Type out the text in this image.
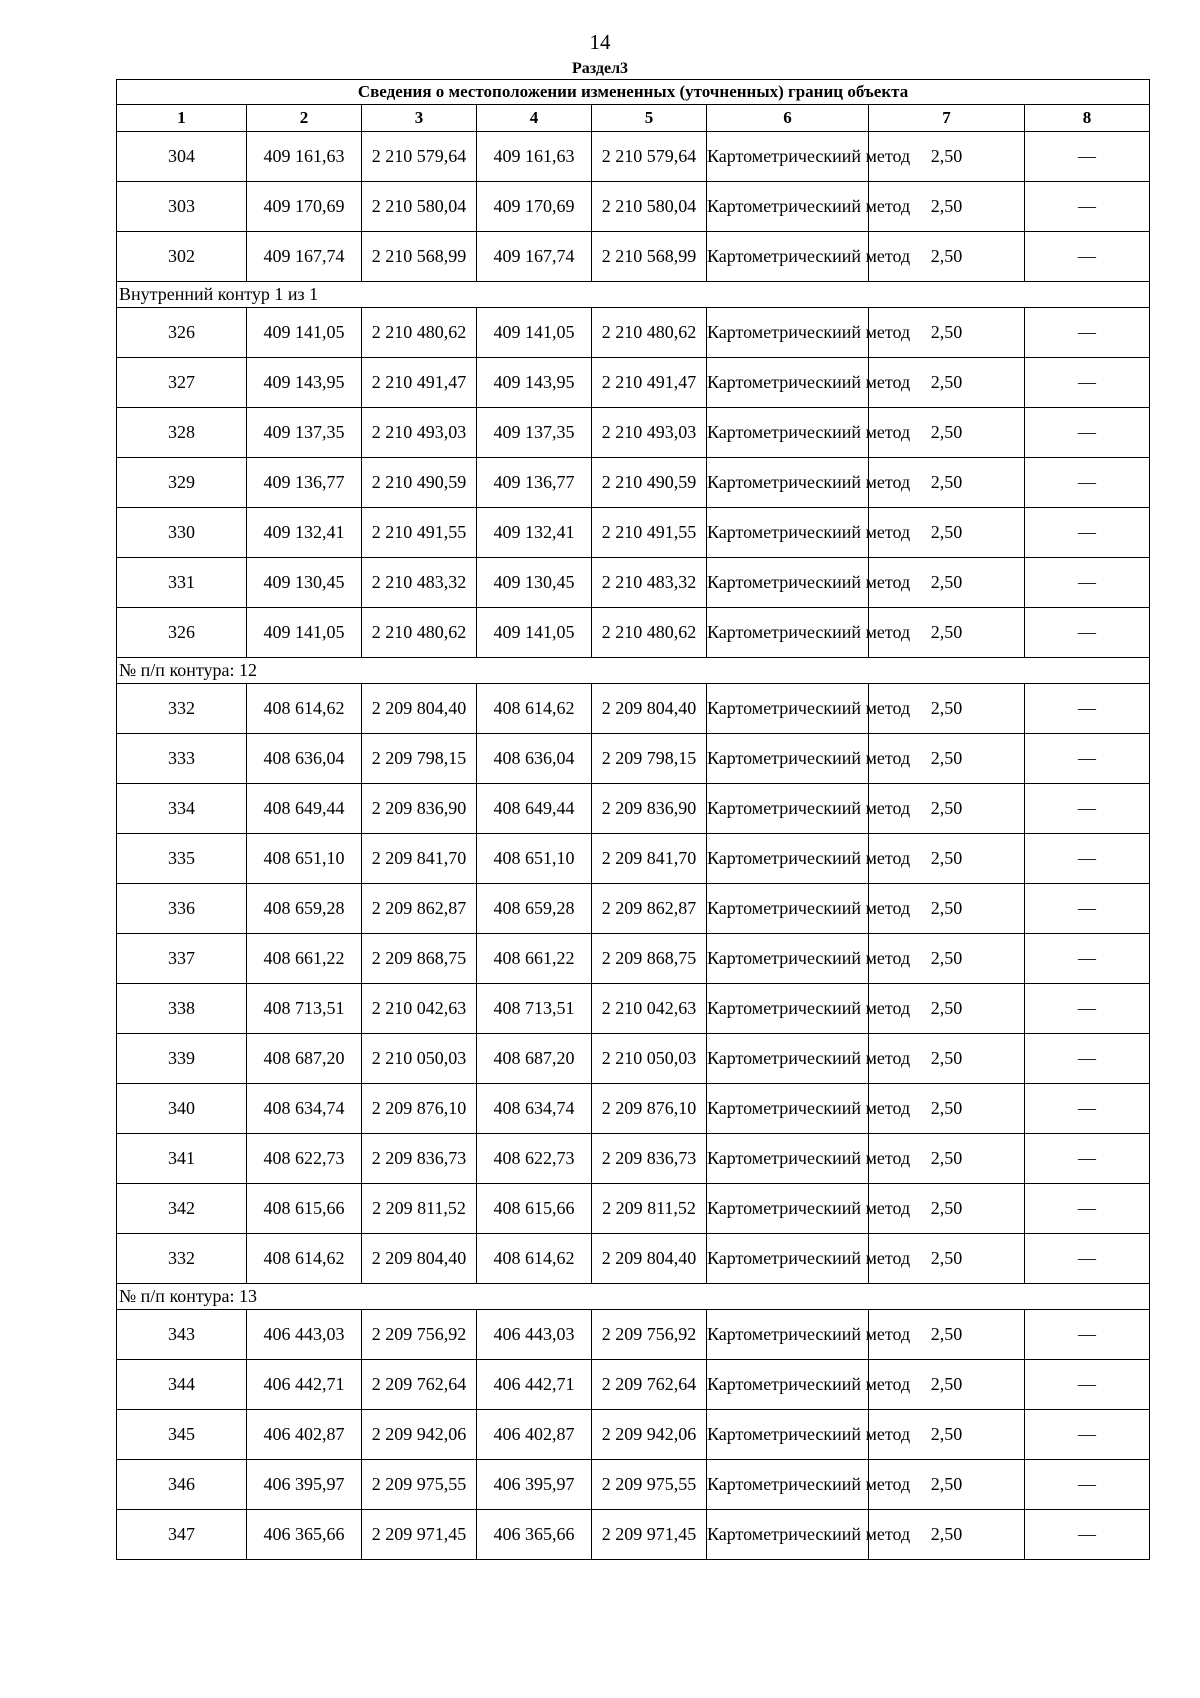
14
Раздел3
Сведения о местоположении измененных (уточненных) границ объекта							
1	2	3	4	5	6	7	8
304	409 161,63	2 210 579,64	409 161,63	2 210 579,64	Картометрическиий метод	2,50	—
303	409 170,69	2 210 580,04	409 170,69	2 210 580,04	Картометрическиий метод	2,50	—
302	409 167,74	2 210 568,99	409 167,74	2 210 568,99	Картометрическиий метод	2,50	—
Внутренний контур 1 из 1							
326	409 141,05	2 210 480,62	409 141,05	2 210 480,62	Картометрическиий метод	2,50	—
327	409 143,95	2 210 491,47	409 143,95	2 210 491,47	Картометрическиий метод	2,50	—
328	409 137,35	2 210 493,03	409 137,35	2 210 493,03	Картометрическиий метод	2,50	—
329	409 136,77	2 210 490,59	409 136,77	2 210 490,59	Картометрическиий метод	2,50	—
330	409 132,41	2 210 491,55	409 132,41	2 210 491,55	Картометрическиий метод	2,50	—
331	409 130,45	2 210 483,32	409 130,45	2 210 483,32	Картометрическиий метод	2,50	—
326	409 141,05	2 210 480,62	409 141,05	2 210 480,62	Картометрическиий метод	2,50	—
№ п/п контура: 12							
332	408 614,62	2 209 804,40	408 614,62	2 209 804,40	Картометрическиий метод	2,50	—
333	408 636,04	2 209 798,15	408 636,04	2 209 798,15	Картометрическиий метод	2,50	—
334	408 649,44	2 209 836,90	408 649,44	2 209 836,90	Картометрическиий метод	2,50	—
335	408 651,10	2 209 841,70	408 651,10	2 209 841,70	Картометрическиий метод	2,50	—
336	408 659,28	2 209 862,87	408 659,28	2 209 862,87	Картометрическиий метод	2,50	—
337	408 661,22	2 209 868,75	408 661,22	2 209 868,75	Картометрическиий метод	2,50	—
338	408 713,51	2 210 042,63	408 713,51	2 210 042,63	Картометрическиий метод	2,50	—
339	408 687,20	2 210 050,03	408 687,20	2 210 050,03	Картометрическиий метод	2,50	—
340	408 634,74	2 209 876,10	408 634,74	2 209 876,10	Картометрическиий метод	2,50	—
341	408 622,73	2 209 836,73	408 622,73	2 209 836,73	Картометрическиий метод	2,50	—
342	408 615,66	2 209 811,52	408 615,66	2 209 811,52	Картометрическиий метод	2,50	—
332	408 614,62	2 209 804,40	408 614,62	2 209 804,40	Картометрическиий метод	2,50	—
№ п/п контура: 13							
343	406 443,03	2 209 756,92	406 443,03	2 209 756,92	Картометрическиий метод	2,50	—
344	406 442,71	2 209 762,64	406 442,71	2 209 762,64	Картометрическиий метод	2,50	—
345	406 402,87	2 209 942,06	406 402,87	2 209 942,06	Картометрическиий метод	2,50	—
346	406 395,97	2 209 975,55	406 395,97	2 209 975,55	Картометрическиий метод	2,50	—
347	406 365,66	2 209 971,45	406 365,66	2 209 971,45	Картометрическиий метод	2,50	—
